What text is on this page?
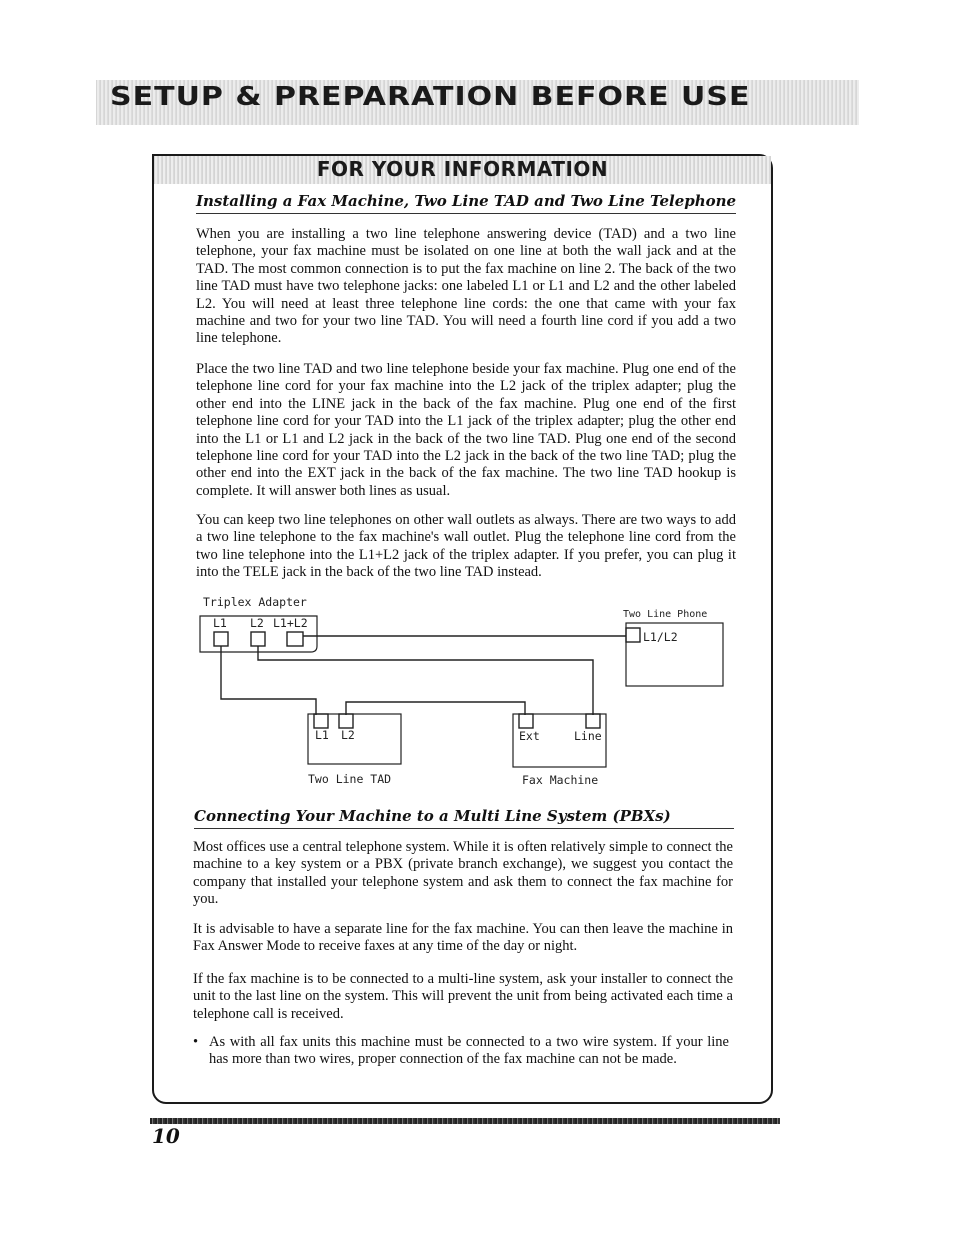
SETUP & PREPARATION BEFORE USE
FOR YOUR INFORMATION
Installing a Fax Machine, Two Line TAD and Two Line Telephone

When you are installing a two line telephone answering device (TAD) and a two line telephone, your fax machine must be isolated on one line at both the wall jack and at the TAD. The most common connection is to put the fax machine on line 2. The back of the two line TAD must have two telephone jacks: one labeled L1 or L1 and L2 and the other labeled L2. You will need at least three telephone line cords: the one that came with your fax machine and two for your two line TAD. You will need a fourth line cord if you add a two line telephone.

Place the two line TAD and two line telephone beside your fax machine. Plug one end of the telephone line cord for your fax machine into the L2 jack of the triplex adapter; plug the other end into the LINE jack in the back of the fax machine. Plug one end of the first telephone line cord for your TAD into the L1 jack of the triplex adapter; plug the other end into the L1 or L1 and L2 jack in the back of the two line TAD. Plug one end of the second telephone line cord for your TAD into the L2 jack in the back of the two line TAD; plug the other end into the EXT jack in the back of the fax machine. The two line TAD hookup is complete. It will answer both lines as usual.

You can keep two line telephones on other wall outlets as always. There are two ways to add a two line telephone to the fax machine's wall outlet. Plug the telephone line cord from the two line telephone into the L1+L2 jack of the triplex adapter. If you prefer, you can plug it into the TELE jack in the back of the two line TAD instead.

Triplex Adapter
L1 L2 L1+L2
Two Line Phone
L1/L2
L1 L2
Two Line TAD
Ext	Line
Fax Machine
Connecting Your Machine to a Multi Line System (PBXs)

Most offices use a central telephone system. While it is often relatively simple to connect the machine to a key system or a PBX (private branch exchange), we suggest you contact the company that installed your telephone system and ask them to connect the fax machine for you.

It is advisable to have a separate line for the fax machine. You can then leave the machine in Fax Answer Mode to receive faxes at any time of the day or night.

If the fax machine is to be connected to a multi-line system, ask your installer to connect the unit to the last line on the system. This will prevent the unit from being activated each time a telephone call is received.

• As with all fax units this machine must be connected to a two wire system. If your line has more than two wires, proper connection of the fax machine can not be made.
10
